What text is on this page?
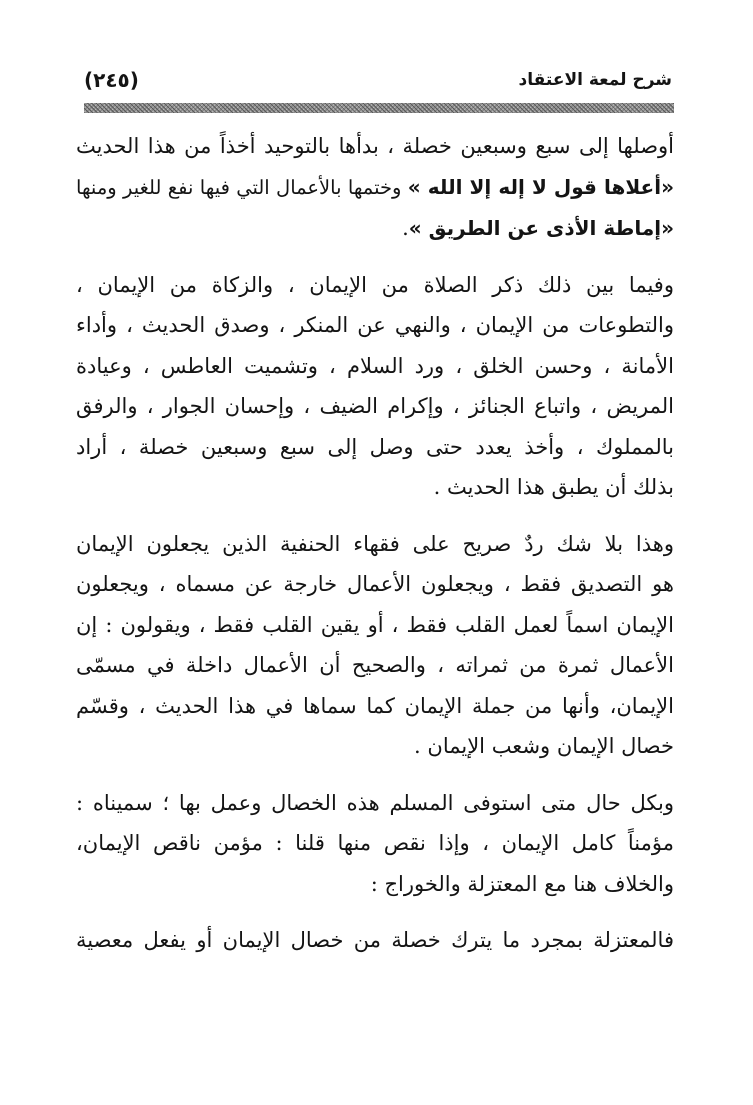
شرح لمعة الاعتقاد
(٢٤٥)

أوصلها إلى سبع وسبعين خصلة ، بدأها بالتوحيد أخذاً من هذا الحديث
«أعلاها قول لا إله إلا الله » وختمها بالأعمال التي فيها نفع للغير ومنها
«إماطة الأذى عن الطريق ».

وفيما بين ذلك ذكر الصلاة من الإيمان ، والزكاة من الإيمان ،
والتطوعات من الإيمان ، والنهي عن المنكر ، وصدق الحديث ، وأداء
الأمانة ، وحسن الخلق ، ورد السلام ، وتشميت العاطس ، وعيادة
المريض ، واتباع الجنائز ، وإكرام الضيف ، وإحسان الجوار ، والرفق
بالمملوك ، وأخذ يعدد حتى وصل إلى سبع وسبعين خصلة ، أراد
بذلك أن يطبق هذا الحديث .

وهذا بلا شك ردٌ صريح على فقهاء الحنفية الذين يجعلون الإيمان
هو التصديق فقط ، ويجعلون الأعمال خارجة عن مسماه ، ويجعلون
الإيمان اسماً لعمل القلب فقط ، أو يقين القلب فقط ، ويقولون : إن
الأعمال ثمرة من ثمراته ، والصحيح أن الأعمال داخلة في مسمّى
الإيمان، وأنها من جملة الإيمان كما سماها في هذا الحديث ، وقسّم
خصال الإيمان وشعب الإيمان .

وبكل حال متى استوفى المسلم هذه الخصال وعمل بها ؛ سميناه :
مؤمناً كامل الإيمان ، وإذا نقص منها قلنا : مؤمن ناقص الإيمان،
والخلاف هنا مع المعتزلة والخوراج :

فالمعتزلة بمجرد ما يترك خصلة من خصال الإيمان أو يفعل معصية
